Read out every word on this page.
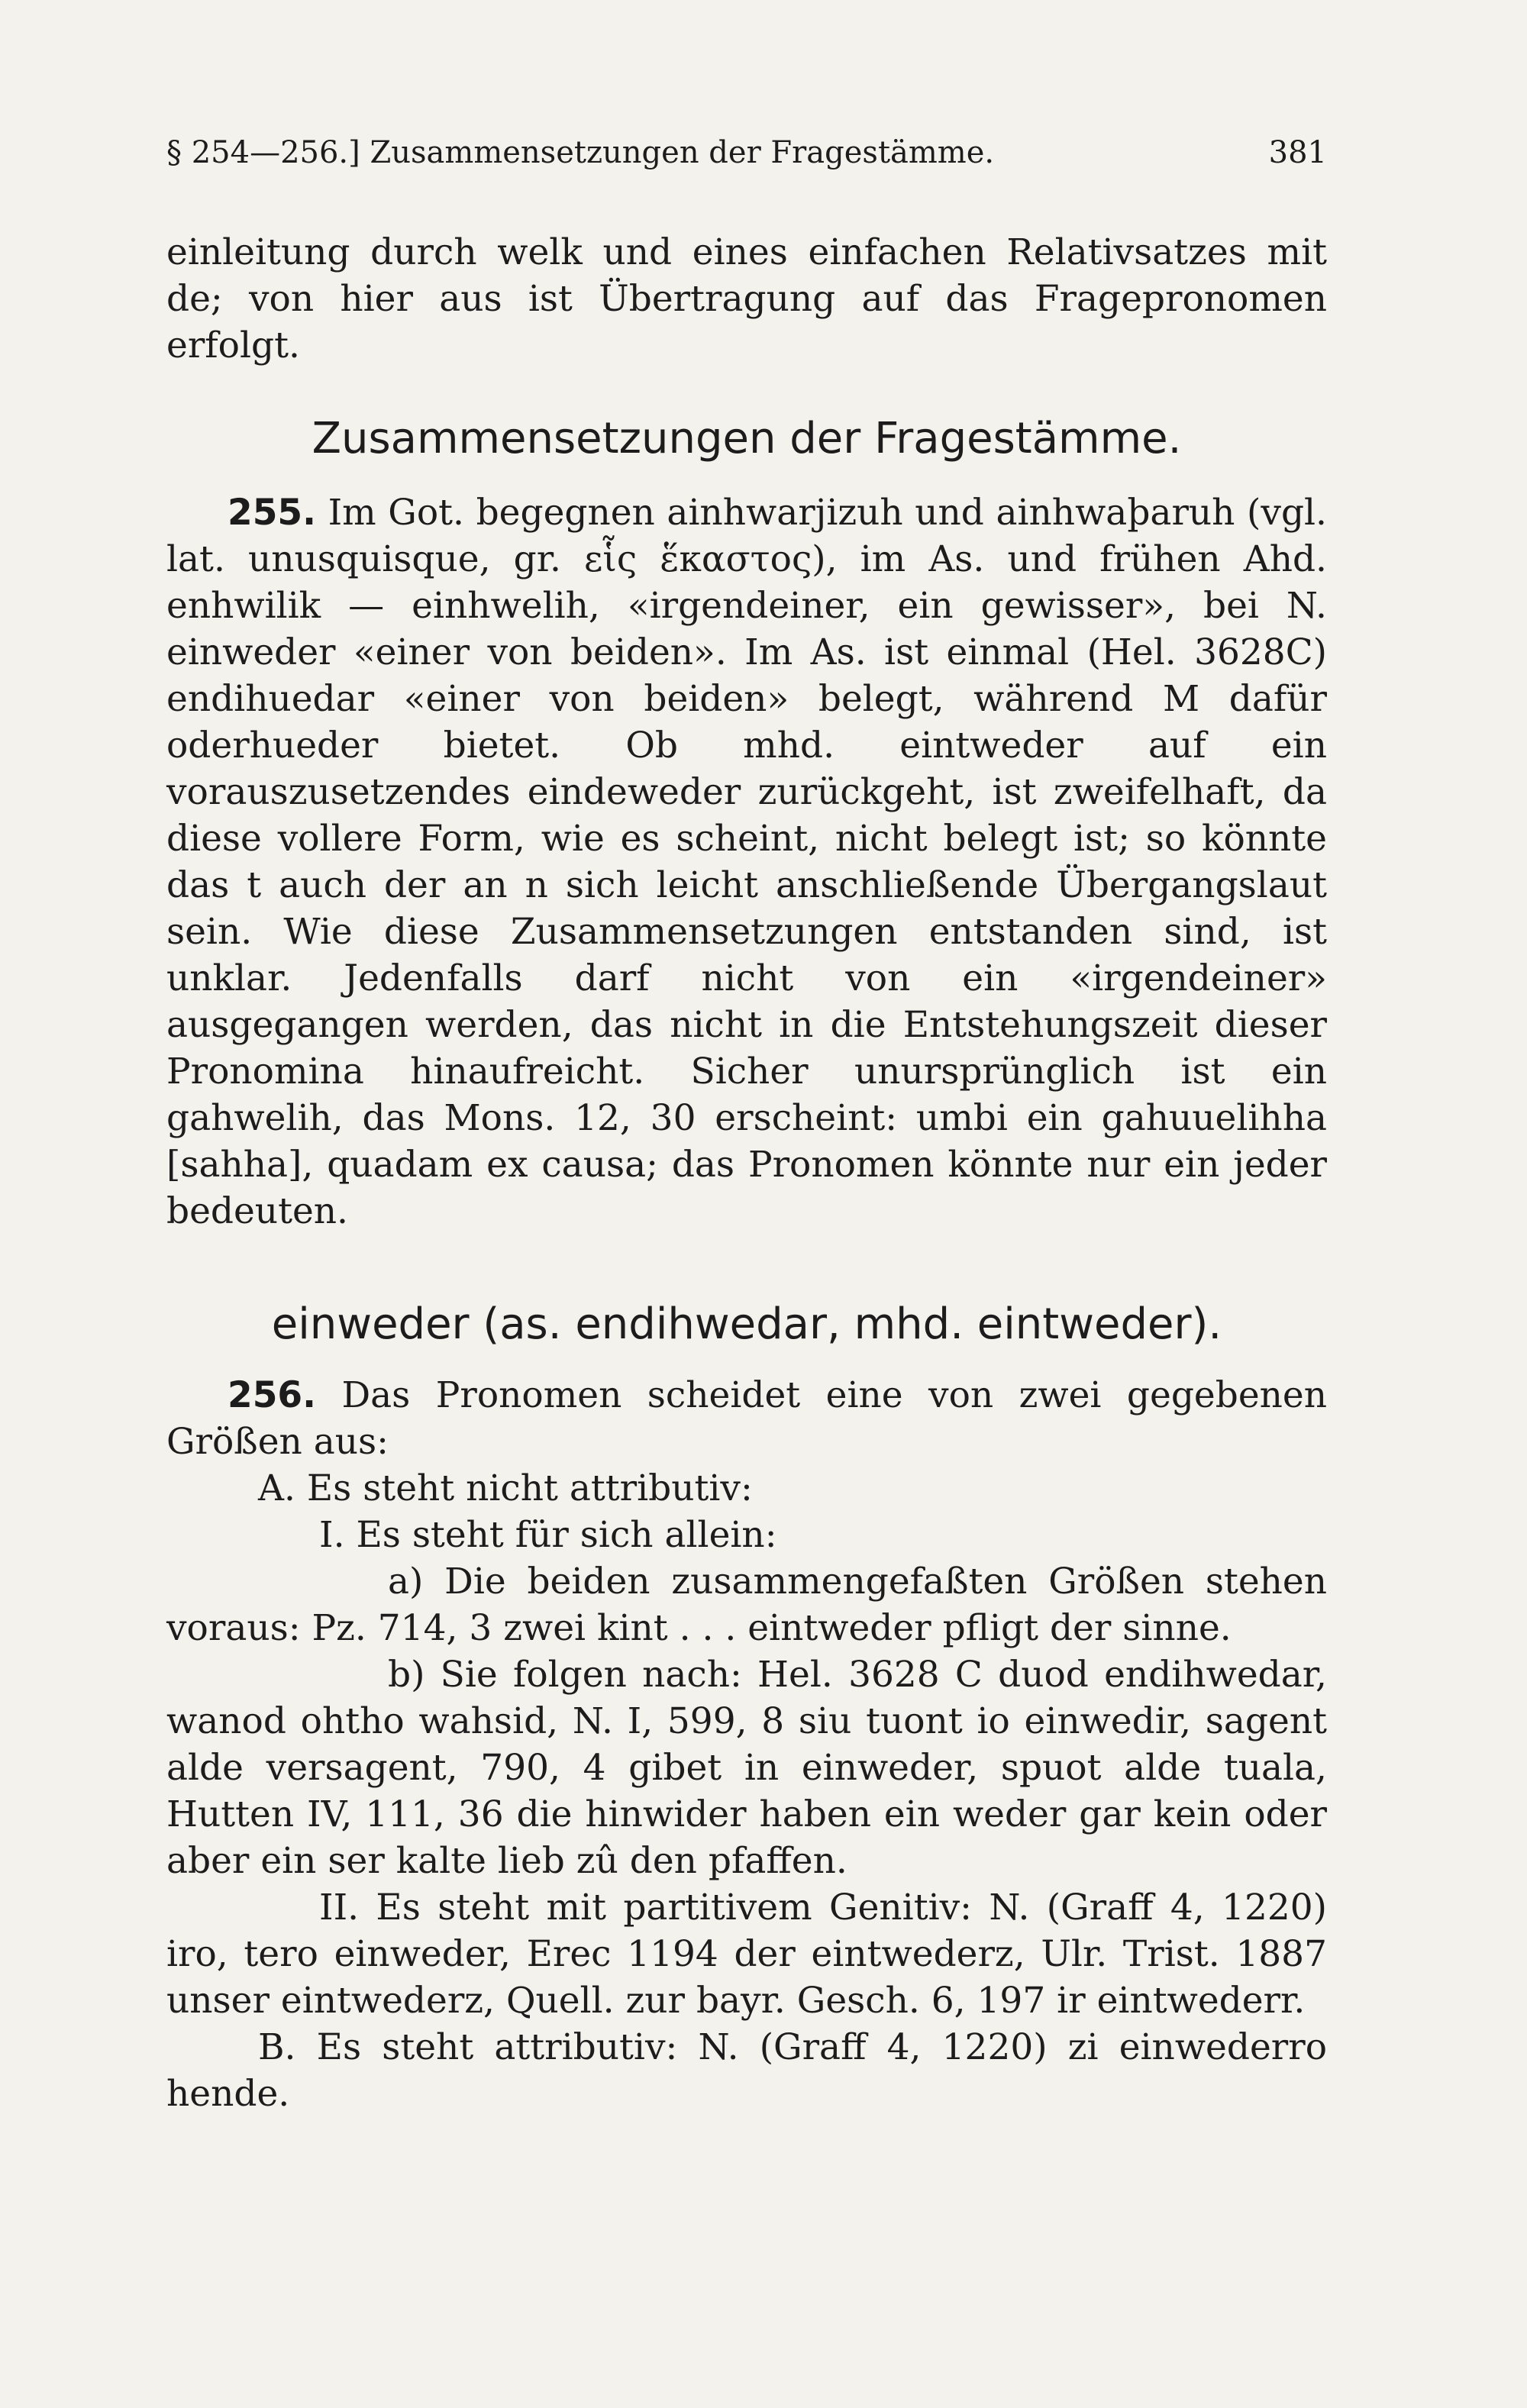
§ 254—256.] Zusammensetzungen der Fragestämme.	381

einleitung durch welk und eines einfachen Relativsatzes mit de; von hier aus ist Übertragung auf das Fragepronomen erfolgt.

Zusammensetzungen der Fragestämme.

255. Im Got. begegnen ainhwarjizuh und ainhwaþaruh (vgl. lat. unusquisque, gr. εἷς ἕκαστος), im As. und frühen Ahd. enhwilik — einhwelih, «irgendeiner, ein gewisser», bei N. einweder «einer von beiden». Im As. ist einmal (Hel. 3628C) endihuedar «einer von beiden» belegt, während M dafür oderhueder bietet. Ob mhd. eintweder auf ein vorauszusetzendes eindeweder zurückgeht, ist zweifelhaft, da diese vollere Form, wie es scheint, nicht belegt ist; so könnte das t auch der an n sich leicht anschließende Übergangslaut sein. Wie diese Zusammensetzungen entstanden sind, ist unklar. Jedenfalls darf nicht von ein «irgendeiner» ausgegangen werden, das nicht in die Entstehungszeit dieser Pronomina hinaufreicht. Sicher unursprünglich ist ein gahwelih, das Mons. 12, 30 erscheint: umbi ein gahuuelihha [sahha], quadam ex causa; das Pronomen könnte nur ein jeder bedeuten.

einweder (as. endihwedar, mhd. eintweder).

256. Das Pronomen scheidet eine von zwei gegebenen Größen aus:

A. Es steht nicht attributiv:

I. Es steht für sich allein:

a) Die beiden zusammengefaßten Größen stehen voraus: Pz. 714, 3 zwei kint . . . eintweder pfligt der sinne.

b) Sie folgen nach: Hel. 3628 C duod endihwedar, wanod ohtho wahsid, N. I, 599, 8 siu tuont io einwedir, sagent alde versagent, 790, 4 gibet in einweder, spuot alde tuala, Hutten IV, 111, 36 die hinwider haben ein weder gar kein oder aber ein ser kalte lieb zû den pfaffen.

II. Es steht mit partitivem Genitiv: N. (Graff 4, 1220) iro, tero einweder, Erec 1194 der eintwederz, Ulr. Trist. 1887 unser eintwederz, Quell. zur bayr. Gesch. 6, 197 ir eintwederr.

B. Es steht attributiv: N. (Graff 4, 1220) zi einwederro hende.
